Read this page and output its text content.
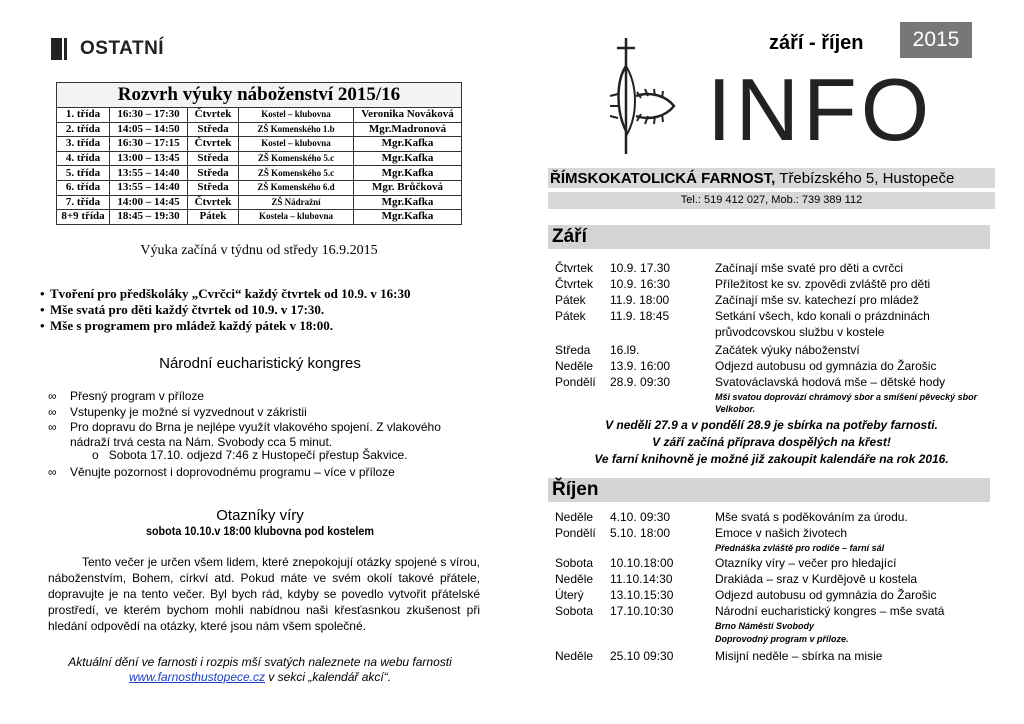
OSTATNÍ
Rozvrh výuky náboženství 2015/16				
1. třída	16:30 – 17:30	Čtvrtek	Kostel – klubovna	Veronika Nováková
2. třída	14:05 – 14:50	Středa	ZŠ Komenského 1.b	Mgr.Madronová
3. třída	16:30 – 17:15	Čtvrtek	Kostel – klubovna	Mgr.Kafka
4. třída	13:00 – 13:45	Středa	ZŠ Komenského 5.c	Mgr.Kafka
5. třída	13:55 – 14:40	Středa	ZŠ Komenského 5.c	Mgr.Kafka
6. třída	13:55 – 14:40	Středa	ZŠ Komenského 6.d	Mgr. Brůčková
7. třída	14:00 – 14:45	Čtvrtek	ZŠ Nádražní	Mgr.Kafka
8+9 třída	18:45 – 19:30	Pátek	Kostela – klubovna	Mgr.Kafka
Výuka začíná v týdnu od středy 16.9.2015
• Tvoření pro předškoláky „Cvrčci“ každý čtvrtek od 10.9. v 16:30
• Mše svatá pro děti každý čtvrtek od 10.9. v 17:30.
• Mše s programem pro mládež každý pátek v 18:00.
Národní eucharistický kongres
∞ Přesný program v příloze
∞ Vstupenky je možné si vyzvednout v zákristii
∞ Pro dopravu do Brna je nejlépe využít vlakového spojení. Z vlakového nádraží trvá cesta na Nám. Svobody cca 5 minut.
o Sobota 17.10. odjezd 7:46 z Hustopečí přestup Šakvice.
∞ Věnujte pozornost i doprovodnému programu – více v příloze
Otazníky víry
sobota 10.10.v 18:00 klubovna pod kostelem
Tento večer je určen všem lidem, které znepokojují otázky spojené s vírou, náboženstvím, Bohem, církví atd. Pokud máte ve svém okolí takové přátele, dopravujte je na tento večer. Byl bych rád, kdyby se povedlo vytvořit přátelské prostředí, ve kterém bychom mohli nabídnou naši křesťasnkou zkušenost při hledání odpovědí na otázky, které jsou nám všem společné.
Aktuální dění ve farnosti i rozpis mší svatých naleznete na webu farnosti
www.farnosthustopece.cz v sekci „kalendář akcí“.
INFO
září - říjen	2015
ŘÍMSKOKATOLICKÁ FARNOST, Třebízského 5, Hustopeče
Tel.: 519 412 027, Mob.: 739 389 112
Září
Čtvrtek 10.9. 17.30	Začínají mše svaté pro děti a cvrčci
Čtvrtek 10.9. 16:30	Příležitost ke sv. zpovědi zvláště pro děti
Pátek 11.9. 18:00	Začínají mše sv. katechezí pro mládež
Pátek 11.9. 18:45	Setkání všech, kdo konali o prázdninách
průvodcovskou službu v kostele
Středa 16.l9.	Začátek výuky náboženství
Neděle 13.9. 16:00	Odjezd autobusu od gymnázia do Žarošic
Pondělí 28.9. 09:30	Svatováclavská hodová mše – dětské hody
Mši svatou doprovází chrámový sbor a smíšení pěvecký sbor Velkobor.
V neděli 27.9 a v pondělí 28.9 je sbírka na potřeby farnosti.
V září začíná příprava dospělých na křest!
Ve farní knihovně je možné již zakoupit kalendáře na rok 2016.
Říjen
Neděle 4.10. 09:30	Mše svatá s poděkováním za úrodu.
Pondělí 5.10. 18:00	Emoce v našich životech
Přednáška zvláště pro rodiče – farní sál
Sobota 10.10.18:00	Otazníky víry – večer pro hledající
Neděle 11.10.14:30	Drakiáda – sraz v Kurdějově u kostela
Úterý 13.10.15:30	Odjezd autobusu od gymnázia do Žarošic
Sobota 17.10.10:30	Národní eucharistický kongres – mše svatá
Brno Náměstí Svobody
Doprovodný program v příloze.
Neděle 25.10 09:30	Misijní neděle – sbírka na misie
